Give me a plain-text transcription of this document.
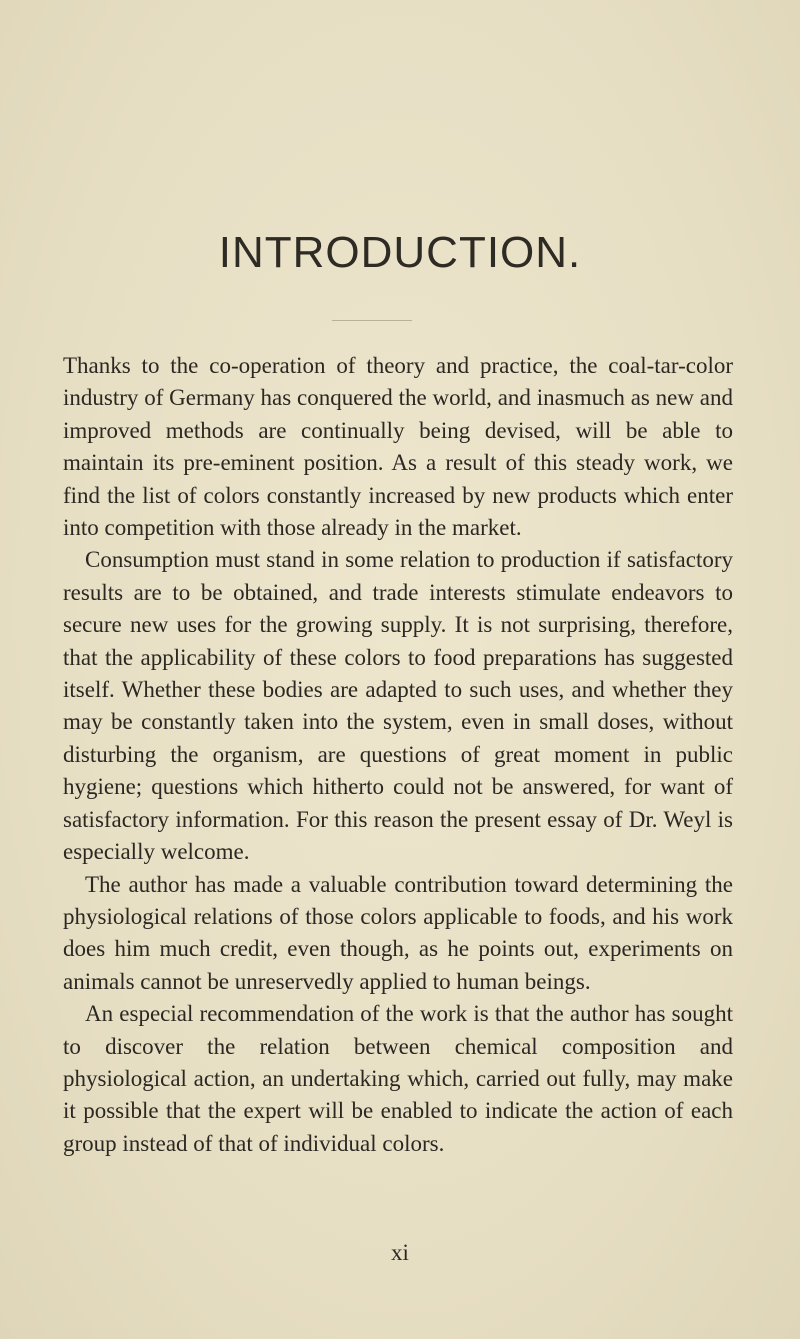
INTRODUCTION.

Thanks to the co-operation of theory and practice, the coal-tar-color industry of Germany has conquered the world, and inasmuch as new and improved methods are continually being devised, will be able to maintain its pre-eminent position. As a result of this steady work, we find the list of colors constantly increased by new products which enter into competition with those already in the market.

Consumption must stand in some relation to production if satisfactory results are to be obtained, and trade interests stimulate endeavors to secure new uses for the growing supply. It is not surprising, therefore, that the applicability of these colors to food preparations has suggested itself. Whether these bodies are adapted to such uses, and whether they may be constantly taken into the system, even in small doses, without disturbing the organism, are questions of great moment in public hygiene; questions which hitherto could not be answered, for want of satisfactory information. For this reason the present essay of Dr. Weyl is especially welcome.

The author has made a valuable contribution toward determining the physiological relations of those colors applicable to foods, and his work does him much credit, even though, as he points out, experiments on animals cannot be unreservedly applied to human beings.

An especial recommendation of the work is that the author has sought to discover the relation between chemical composition and physiological action, an undertaking which, carried out fully, may make it possible that the expert will be enabled to indicate the action of each group instead of that of individual colors.

xi
